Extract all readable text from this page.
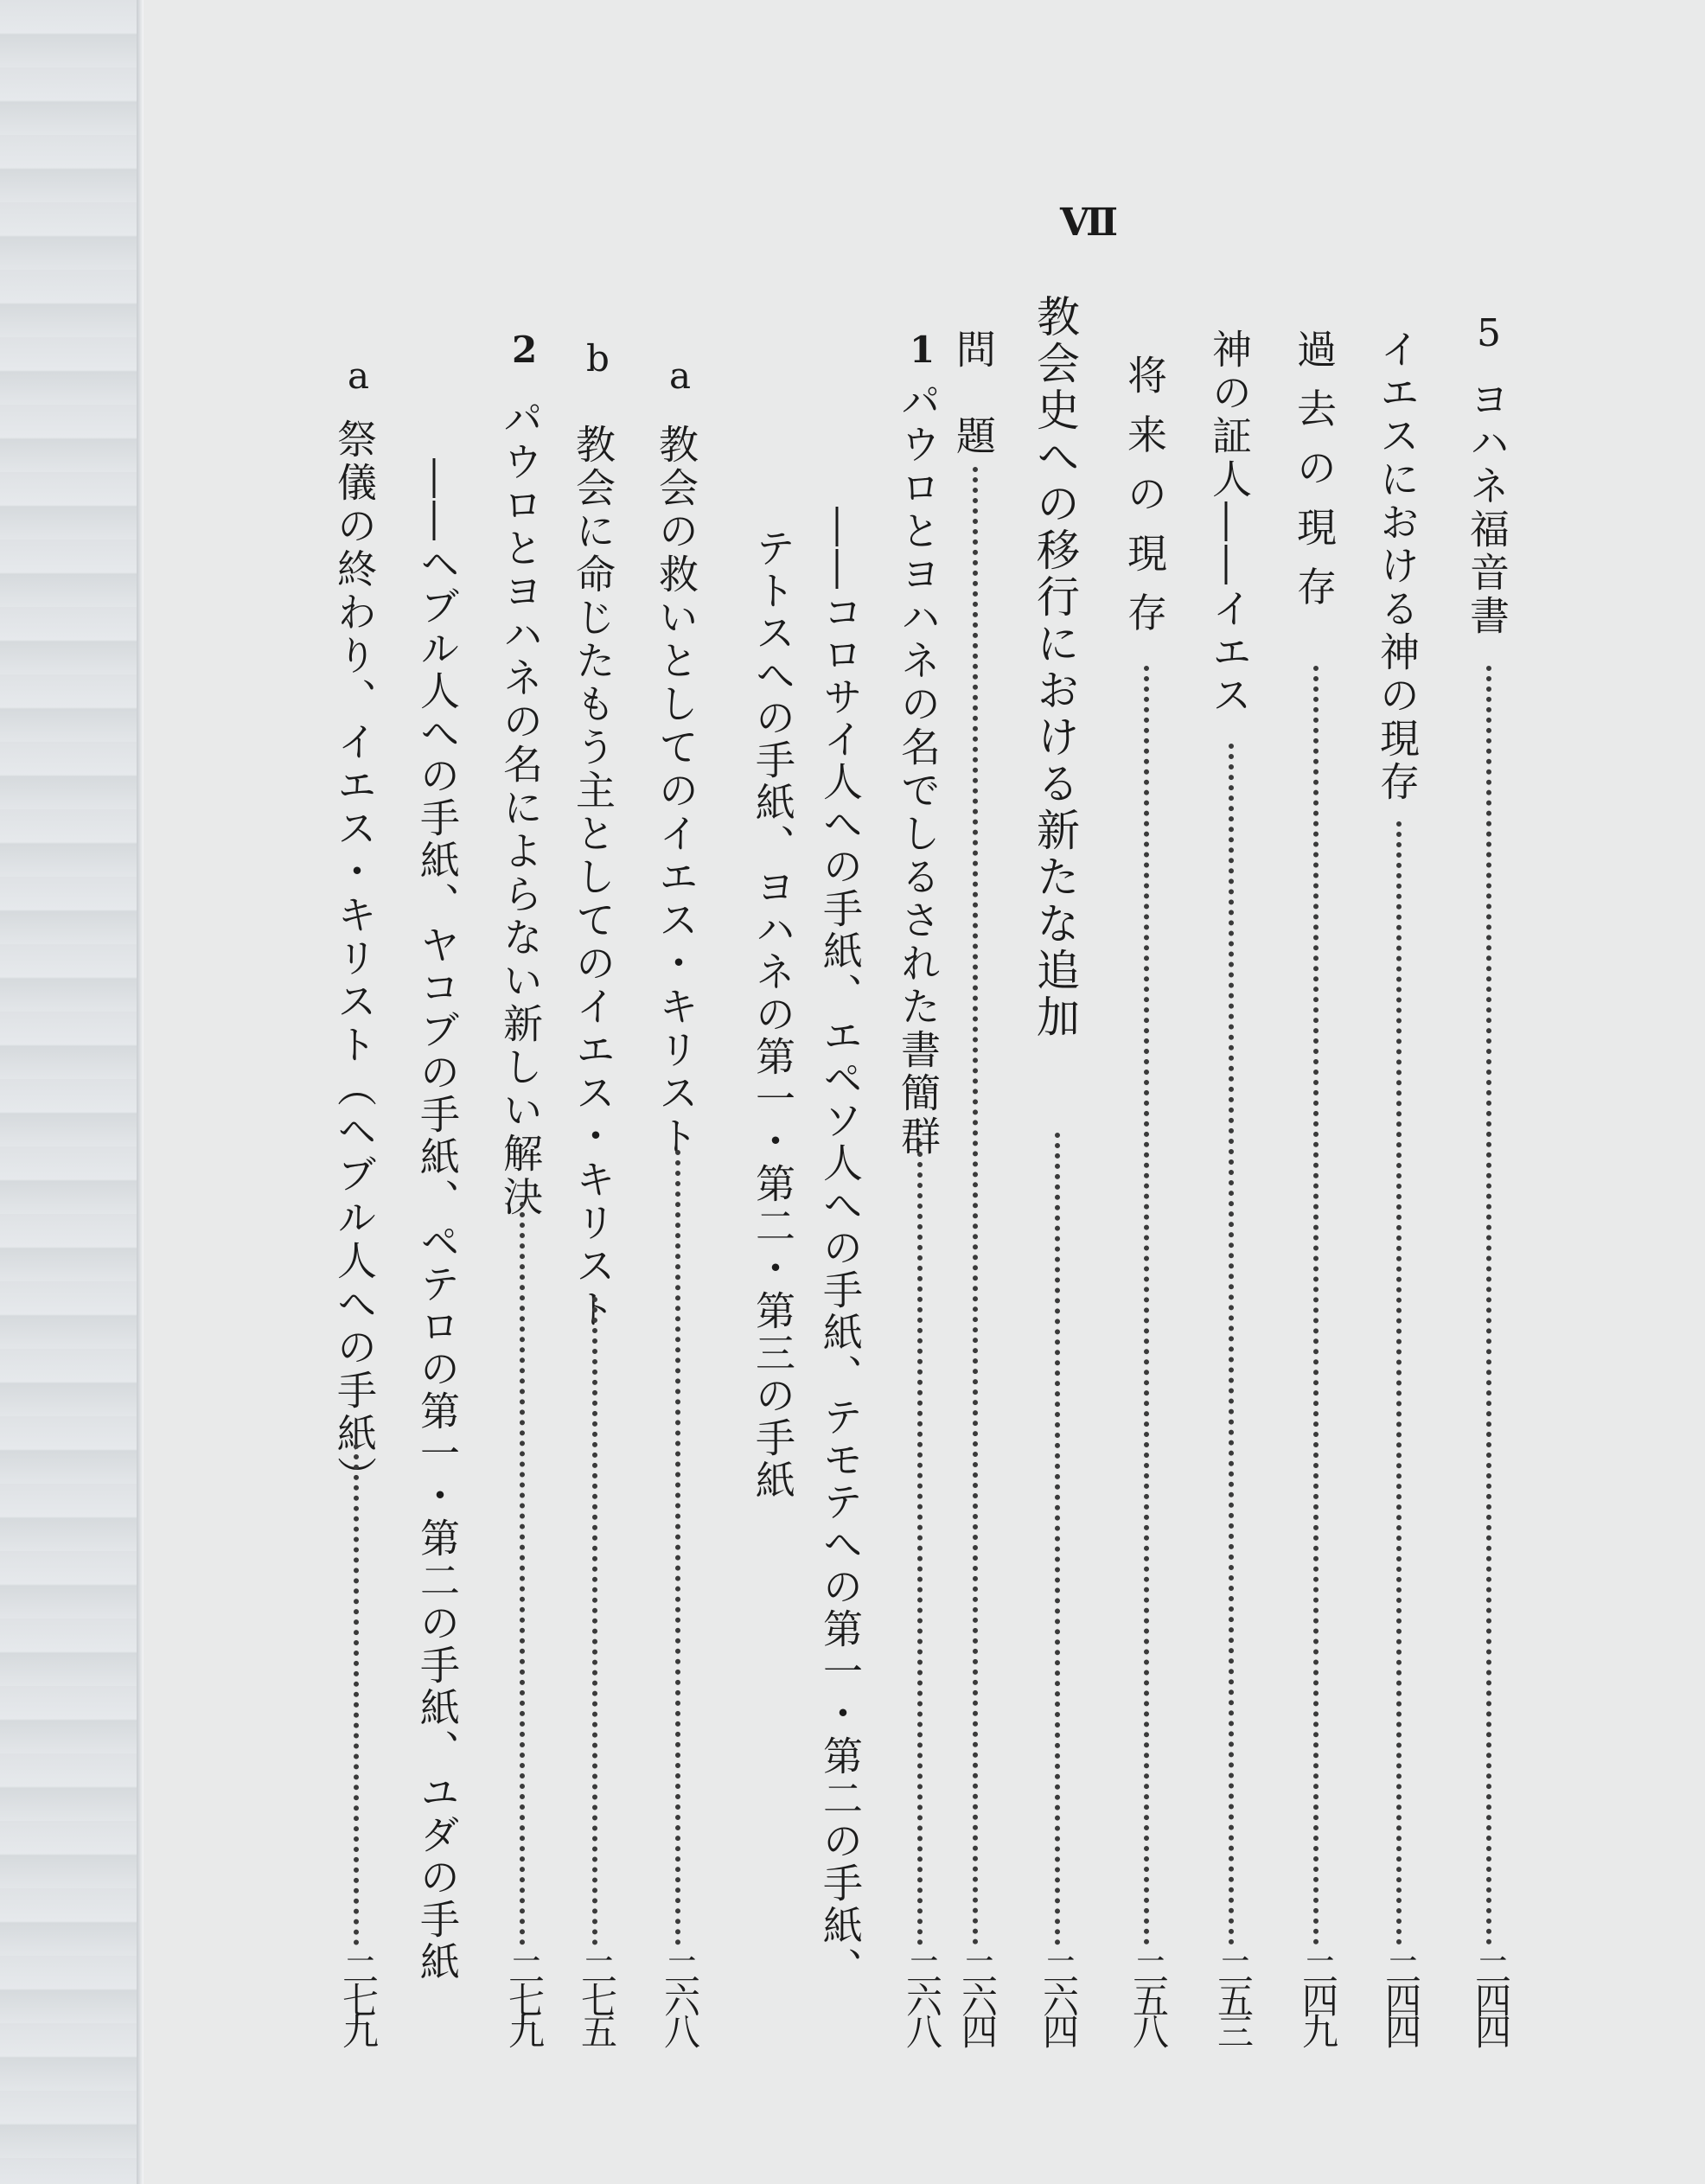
5
ヨハネ福音書
二四四
イエスにおける神の現存
二四四
過 去 の 現 存
二四九
神の証人――イエス
二五三
将 来 の 現 存
二五八
Ⅶ
教会史への移行における新たな追加
二六四
問　題
二六四
1
パウロとヨハネの名でしるされた書簡群
二六八
――コロサイ人への手紙、エペソ人への手紙、テモテへの第一・第二の手紙、
テトスへの手紙、ヨハネの第一・第二・第三の手紙
a
教会の救いとしてのイエス・キリスト
二六八
b
教会に命じたもう主としてのイエス・キリスト
二七五
2
パウロとヨハネの名によらない新しい解決
二七九
――ヘブル人への手紙、ヤコブの手紙、ペテロの第一・第二の手紙、ユダの手紙
a
祭儀の終わり、イエス・キリスト（ヘブル人への手紙）
二七九
